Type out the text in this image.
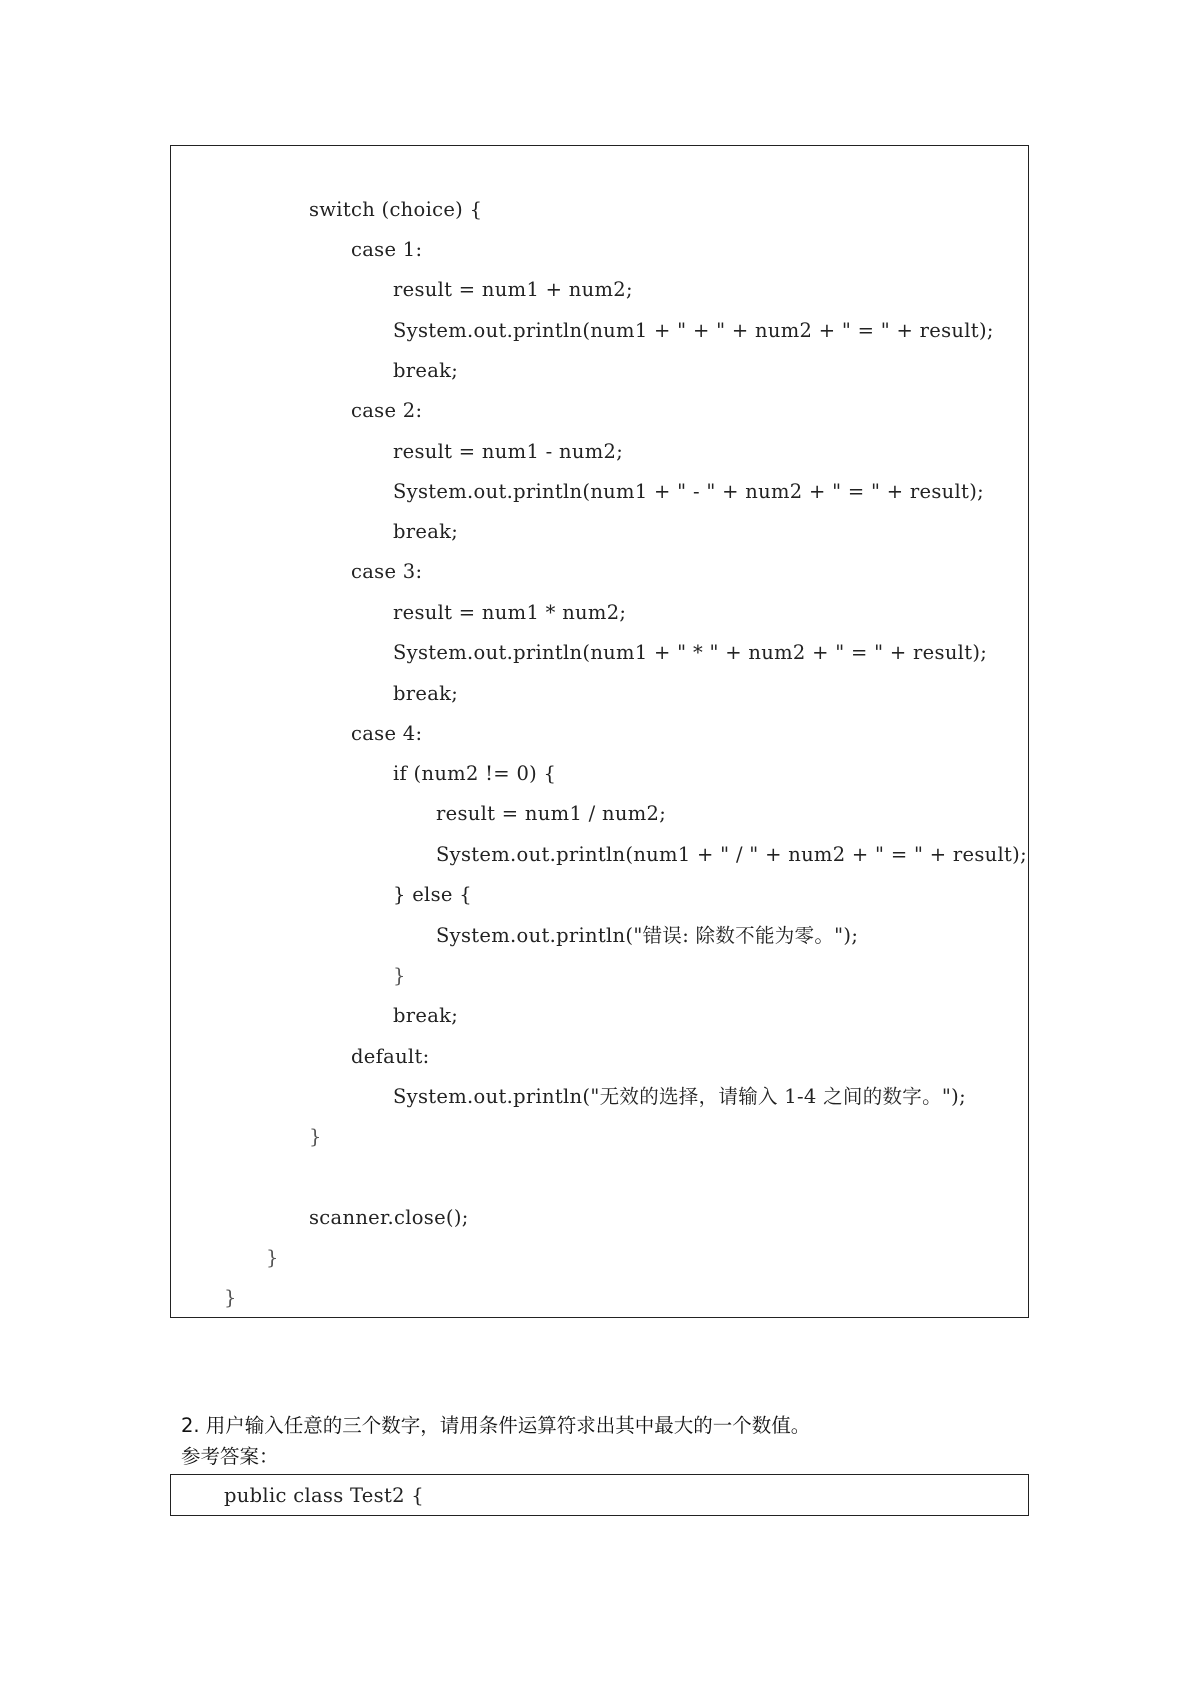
switch (choice) {
case 1:
result = num1 + num2;
System.out.println(num1 + " + " + num2 + " = " + result);
break;
case 2:
result = num1 - num2;
System.out.println(num1 + " - " + num2 + " = " + result);
break;
case 3:
result = num1 * num2;
System.out.println(num1 + " * " + num2 + " = " + result);
break;
case 4:
if (num2 != 0) {
result = num1 / num2;
System.out.println(num1 + " / " + num2 + " = " + result);
} else {
System.out.println("错误: 除数不能为零。");
}
break;
default:
System.out.println("无效的选择，请输入 1-4 之间的数字。");
}
scanner.close();
}
}
2. 用户输入任意的三个数字，请用条件运算符求出其中最大的一个数值。
参考答案：
public class Test2 {
